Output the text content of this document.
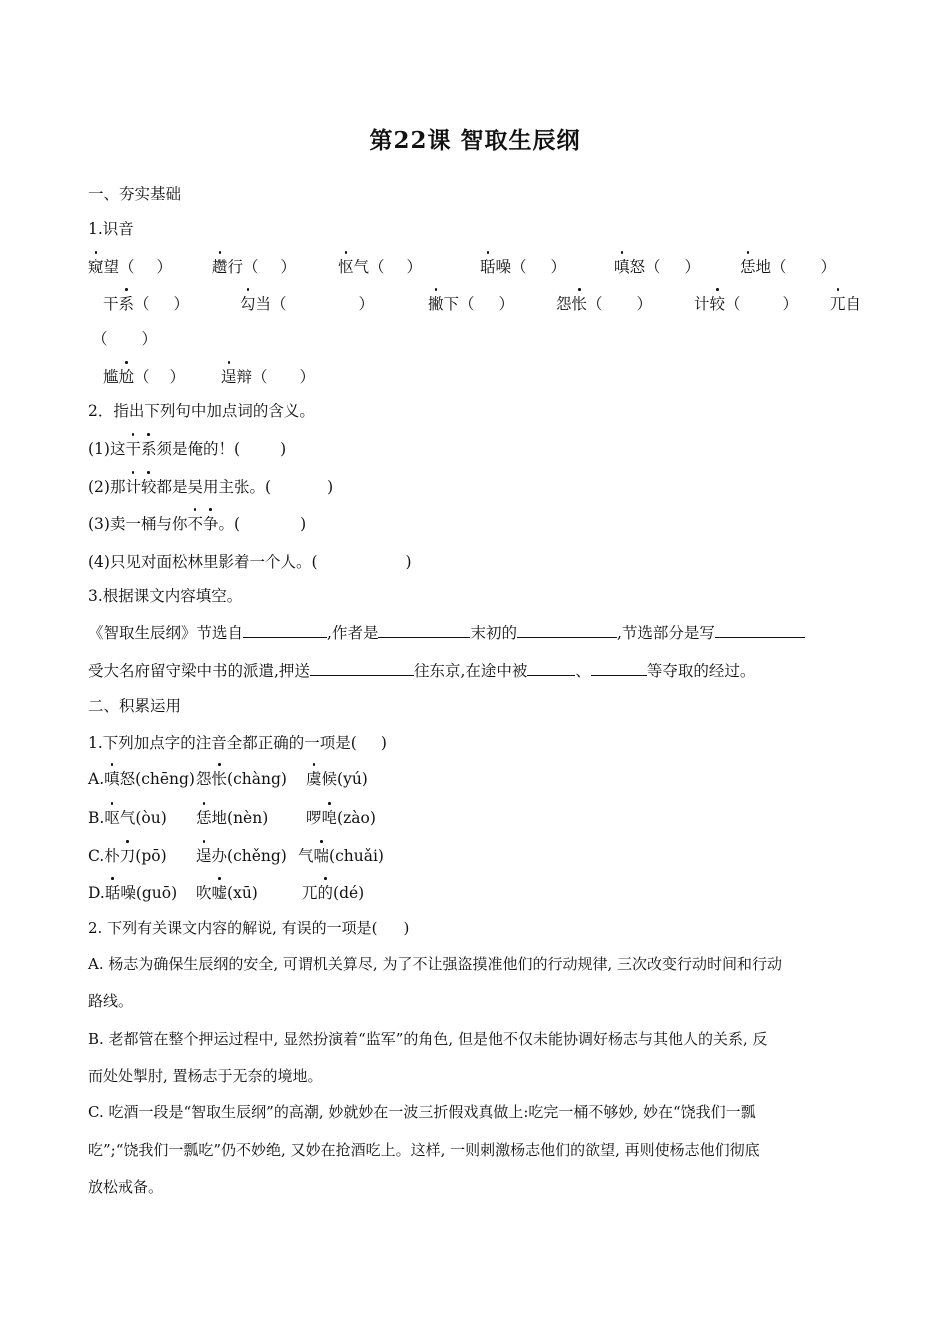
第22课 智取生辰纲
一、夯实基础
1.识音
窥望（ ）	趱行（ ）	怄气（ ）	聒噪（ ）	嗔怒（ ）	恁地（ ）
干系（ ）	勾当（	）	撇下（ ）	怨怅（ ）	计较（	） 兀自
（ ）
尴尬（ ） 逞辩（ ）
2．指出下列句中加点词的含义。
(1)这干系须是俺的！(	)
(2)那计较都是吴用主张。(	)
(3)卖一桶与你不争。(	)
(4)只见对面松林里影着一个人。(	)
3.根据课文内容填空。
《智取生辰纲》节选自	,作者是	末初的	,节选部分是写
受大名府留守梁中书的派遣,押送	往东京,在途中被	、	等夺取的经过。
二、积累运用
1.下列加点字的注音全都正确的一项是( )
A.嗔怒(chēng) 怨怅(chàng) 虞候(yú)
B.呕气(òu) 恁地(nèn) 啰唣(zào)
C.朴刀(pō) 逞办(chěng) 气喘(chuǎi)
D.聒噪(guō) 吹嘘(xū)	兀的(dé)
2. 下列有关课文内容的解说, 有误的一项是( )
A. 杨志为确保生辰纲的安全, 可谓机关算尽, 为了不让强盗摸准他们的行动规律, 三次改变行动时间和行动
路线。
B. 老都管在整个押运过程中, 显然扮演着“监军”的角色, 但是他不仅未能协调好杨志与其他人的关系, 反
而处处掣肘, 置杨志于无奈的境地。
C. 吃酒一段是“智取生辰纲”的高潮, 妙就妙在一波三折假戏真做上:吃完一桶不够妙, 妙在“饶我们一瓢
吃”;“饶我们一瓢吃”仍不妙绝, 又妙在抢酒吃上。这样, 一则刺激杨志他们的欲望, 再则使杨志他们彻底
放松戒备。
